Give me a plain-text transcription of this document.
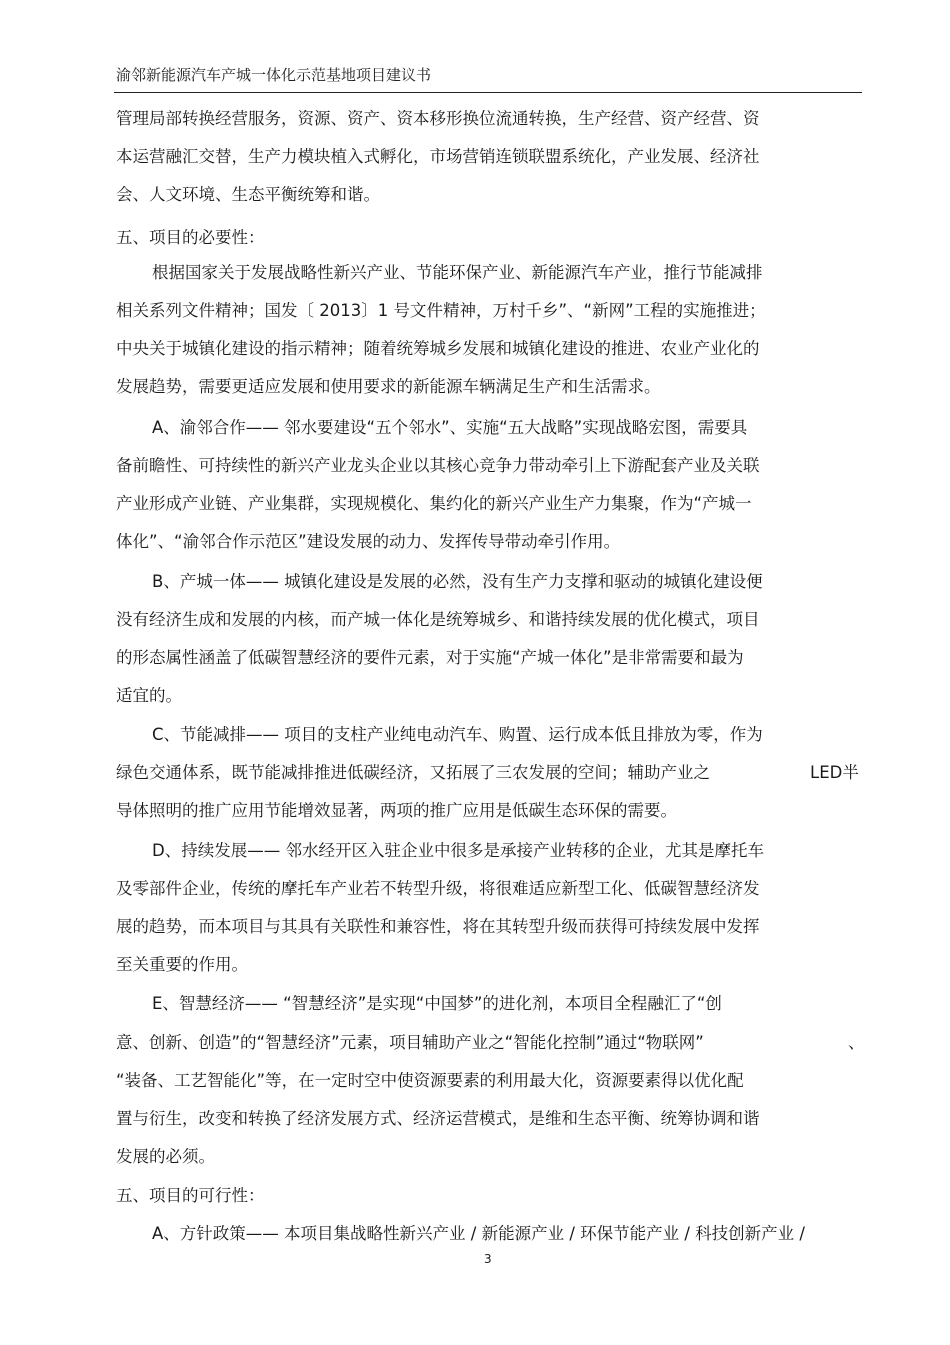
渝邻新能源汽车产城一体化示范基地项目建议书
管理局部转换经营服务，资源、资产、资本移形换位流通转换，生产经营、资产经营、资
本运营融汇交替，生产力模块植入式孵化，市场营销连锁联盟系统化，产业发展、经济社
会、人文环境、生态平衡统筹和谐。
五、项目的必要性：
根据国家关于发展战略性新兴产业、节能环保产业、新能源汽车产业，推行节能减排
相关系列文件精神；国发〔 2013〕1 号文件精神，万村千乡”、“新网”工程的实施推进；
中央关于城镇化建设的指示精神；随着统筹城乡发展和城镇化建设的推进、农业产业化的
发展趋势，需要更适应发展和使用要求的新能源车辆满足生产和生活需求。
A、渝邻合作—— 邻水要建设“五个邻水”、实施“五大战略”实现战略宏图，需要具
备前瞻性、可持续性的新兴产业龙头企业以其核心竞争力带动牵引上下游配套产业及关联
产业形成产业链、产业集群，实现规模化、集约化的新兴产业生产力集聚，作为“产城一
体化”、“渝邻合作示范区”建设发展的动力、发挥传导带动牵引作用。
B、产城一体—— 城镇化建设是发展的必然，没有生产力支撑和驱动的城镇化建设便
没有经济生成和发展的内核，而产城一体化是统筹城乡、和谐持续发展的优化模式，项目
的形态属性涵盖了低碳智慧经济的要件元素，对于实施“产城一体化”是非常需要和最为
适宜的。
C、节能减排—— 项目的支柱产业纯电动汽车、购置、运行成本低且排放为零，作为
绿色交通体系，既节能减排推进低碳经济，又拓展了三农发展的空间；辅助产业之	LED半
导体照明的推广应用节能增效显著，两项的推广应用是低碳生态环保的需要。
D、持续发展—— 邻水经开区入驻企业中很多是承接产业转移的企业，尤其是摩托车
及零部件企业，传统的摩托车产业若不转型升级，将很难适应新型工化、低碳智慧经济发
展的趋势，而本项目与其具有关联性和兼容性，将在其转型升级而获得可持续发展中发挥
至关重要的作用。
E、智慧经济—— “智慧经济”是实现“中国梦”的进化剂，本项目全程融汇了“创
意、创新、创造”的“智慧经济”元素，项目辅助产业之“智能化控制”通过“物联网”	、
“装备、工艺智能化”等，在一定时空中使资源要素的利用最大化，资源要素得以优化配
置与衍生，改变和转换了经济发展方式、经济运营模式，是维和生态平衡、统筹协调和谐
发展的必须。
五、项目的可行性：
A、方针政策—— 本项目集战略性新兴产业 / 新能源产业 / 环保节能产业 / 科技创新产业 /
3
